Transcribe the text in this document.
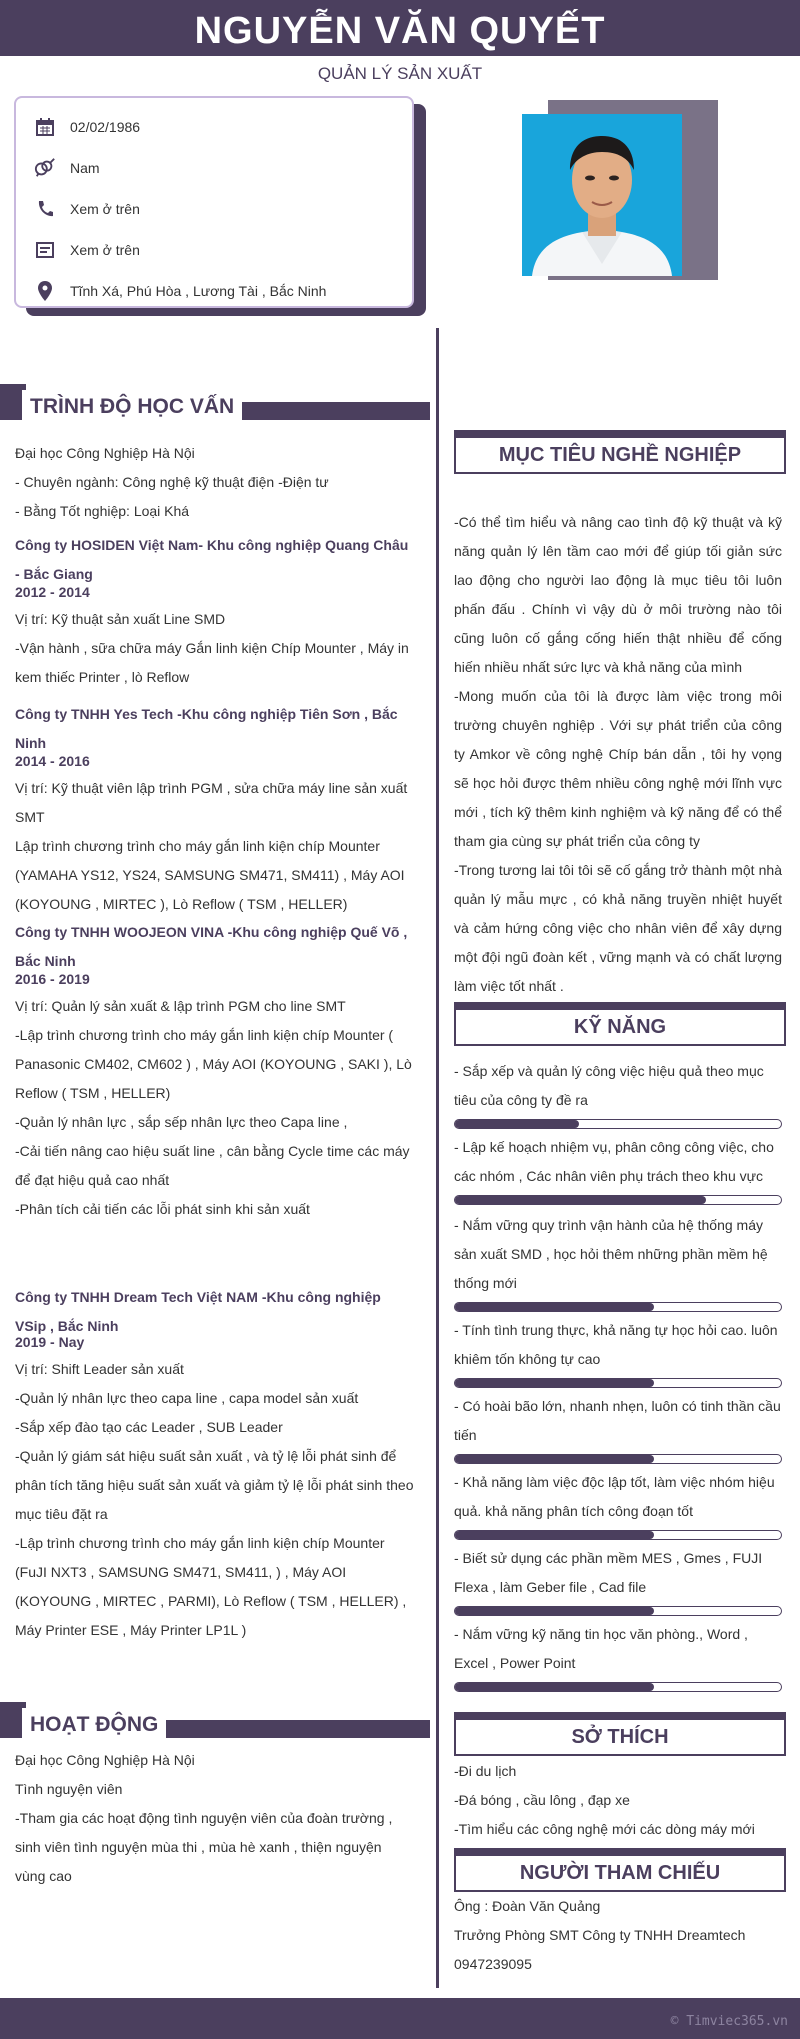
NGUYỄN VĂN QUYẾT
QUẢN LÝ SẢN XUẤT
02/02/1986
Nam
Xem ở trên
Xem ở trên
Tĩnh Xá, Phú Hòa , Lương Tài , Bắc Ninh
TRÌNH ĐỘ HỌC VẤN
Đại học Công Nghiệp Hà Nội
- Chuyên ngành: Công nghệ kỹ thuật điện -Điện tư
- Bằng Tốt nghiệp: Loại Khá
Công ty HOSIDEN Việt Nam- Khu công nghiệp Quang Châu - Bắc Giang
2012 - 2014
Vị trí: Kỹ thuật sản xuất Line SMD
-Vận hành , sữa chữa máy Gắn linh kiện Chíp Mounter , Máy in kem thiếc Printer , lò Reflow
Công ty TNHH Yes Tech -Khu công nghiệp Tiên Sơn , Bắc Ninh
2014 - 2016
Vị trí: Kỹ thuật viên lập trình PGM , sửa chữa máy line sản xuất SMT
Lập trình chương trình cho máy gắn linh kiện chíp Mounter (YAMAHA YS12, YS24, SAMSUNG SM471, SM411) , Máy AOI (KOYOUNG , MIRTEC ), Lò Reflow ( TSM , HELLER)
Công ty TNHH WOOJEON VINA -Khu công nghiệp Quế Võ , Bắc Ninh
2016 - 2019
Vị trí: Quản lý sản xuất & lập trình PGM cho line SMT
-Lập trình chương trình cho máy gắn linh kiện chíp Mounter ( Panasonic CM402, CM602 ) , Máy AOI (KOYOUNG , SAKI ), Lò Reflow ( TSM , HELLER)
-Quản lý nhân lực , sắp sếp nhân lực theo Capa line ,
-Cải tiến nâng cao hiệu suất line , cân bằng Cycle time các máy để đạt hiệu quả cao nhất
-Phân tích cải tiến các lỗi phát sinh khi sản xuất
Công ty TNHH Dream Tech Việt NAM -Khu công nghiệp VSip , Bắc Ninh
2019 - Nay
Vị trí: Shift Leader sản xuất
-Quản lý nhân lực theo capa line , capa model sản xuất
-Sắp xếp đào tạo các Leader , SUB Leader
-Quản lý giám sát hiệu suất sản xuất , và tỷ lệ lỗi phát sinh để phân tích tăng hiệu suất sản xuất và giảm tỷ lệ lỗi phát sinh theo mục tiêu đặt ra
-Lập trình chương trình cho máy gắn linh kiện chíp Mounter (FuJI NXT3 , SAMSUNG SM471, SM411, ) , Máy AOI (KOYOUNG , MIRTEC , PARMI), Lò Reflow ( TSM , HELLER) , Máy Printer ESE , Máy Printer LP1L )
HOẠT ĐỘNG
Đại học Công Nghiệp Hà Nội
Tình nguyện viên
-Tham gia các hoạt động tình nguyện viên của đoàn trường , sinh viên tình nguyện mùa thi , mùa hè xanh , thiện nguyện vùng cao
MỤC TIÊU NGHỀ NGHIỆP
-Có thể tìm hiểu và nâng cao tình độ kỹ thuật và kỹ năng quản lý lên tầm cao mới để giúp tối giản sức lao động cho người lao động là mục tiêu tôi luôn phấn đấu . Chính vì vậy dù ở môi trường nào tôi cũng luôn cố gắng cống hiến thật nhiều để cống hiến nhiều nhất sức lực và khả năng của mình
-Mong muốn của tôi là được làm việc trong môi trường chuyên nghiệp . Với sự phát triển của công ty Amkor về công nghệ Chíp bán dẫn , tôi hy vọng sẽ học hỏi được thêm nhiều công nghệ mới lĩnh vực mới , tích kỹ thêm kinh nghiệm và kỹ năng để có thể tham gia cùng sự phát triển của công ty
-Trong tương lai tôi tôi sẽ cố gắng trở thành một nhà quản lý mẫu mực , có khả năng truyền nhiệt huyết và cảm hứng công việc cho nhân viên để xây dựng một đội ngũ đoàn kết , vững mạnh và có chất lượng làm việc tốt nhất .
KỸ NĂNG
- Sắp xếp và quản lý công việc hiệu quả theo mục tiêu của công ty đề ra
- Lập kế hoạch nhiệm vụ, phân công công việc, cho các nhóm , Các nhân viên phụ trách theo khu vực
- Nắm vững quy trình vận hành của hệ thống máy sản xuất SMD , học hỏi thêm những phần mềm hệ thống mới
- Tính tình trung thực, khả năng tự học hỏi cao. luôn khiêm tốn không tự cao
- Có hoài bão lớn, nhanh nhẹn, luôn có tinh thần cầu tiến
- Khả năng làm việc độc lập tốt, làm việc nhóm hiệu quả. khả năng phân tích công đoạn tốt
- Biết sử dụng các phần mềm MES , Gmes , FUJI Flexa , làm Geber file , Cad file
- Nắm vững kỹ năng tin học văn phòng., Word , Excel , Power Point
SỞ THÍCH
-Đi du lịch
-Đá bóng , cầu lông , đạp xe
-Tìm hiểu các công nghệ mới các dòng máy mới
NGƯỜI THAM CHIẾU
Ông : Đoàn Văn Quảng
Trưởng Phòng SMT Công ty TNHH Dreamtech
0947239095
© Timviec365.vn
